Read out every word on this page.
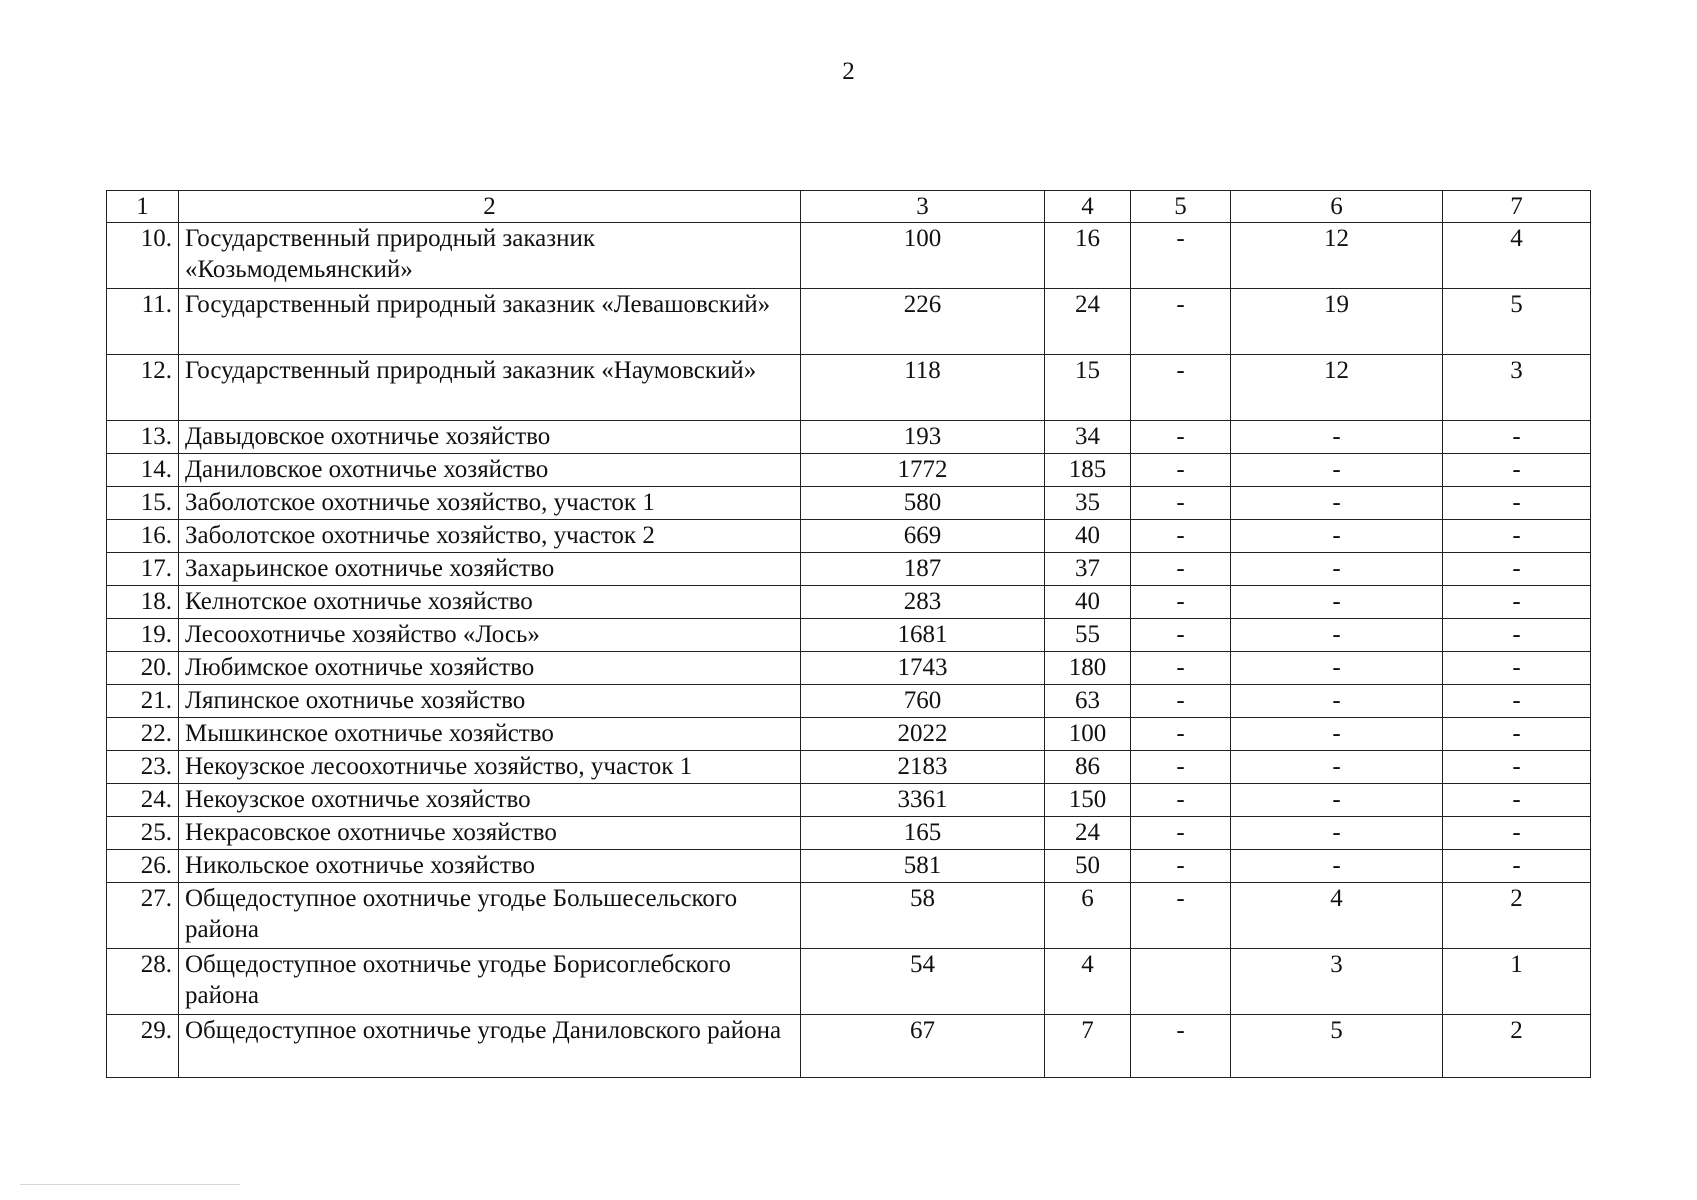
2
1	2	3	4	5	6	7
10.	Государственный природный заказник «Козьмодемьянский»	100	16	-	12	4
11.	Государственный природный заказник «Левашовский»	226	24	-	19	5
12.	Государственный природный заказник «Наумовский»	118	15	-	12	3
13.	Давыдовское охотничье хозяйство	193	34	-	-	-
14.	Даниловское охотничье хозяйство	1772	185	-	-	-
15.	Заболотское охотничье хозяйство, участок 1	580	35	-	-	-
16.	Заболотское охотничье хозяйство, участок 2	669	40	-	-	-
17.	Захарьинское охотничье хозяйство	187	37	-	-	-
18.	Келнотское охотничье хозяйство	283	40	-	-	-
19.	Лесоохотничье хозяйство «Лось»	1681	55	-	-	-
20.	Любимское охотничье хозяйство	1743	180	-	-	-
21.	Ляпинское охотничье хозяйство	760	63	-	-	-
22.	Мышкинское охотничье хозяйство	2022	100	-	-	-
23.	Некоузское лесоохотничье хозяйство, участок 1	2183	86	-	-	-
24.	Некоузское охотничье хозяйство	3361	150	-	-	-
25.	Некрасовское охотничье хозяйство	165	24	-	-	-
26.	Никольское охотничье хозяйство	581	50	-	-	-
27.	Общедоступное охотничье угодье Большесельского района	58	6	-	4	2
28.	Общедоступное охотничье угодье Борисоглебского района	54	4		3	1
29.	Общедоступное охотничье угодье Даниловского района	67	7	-	5	2
